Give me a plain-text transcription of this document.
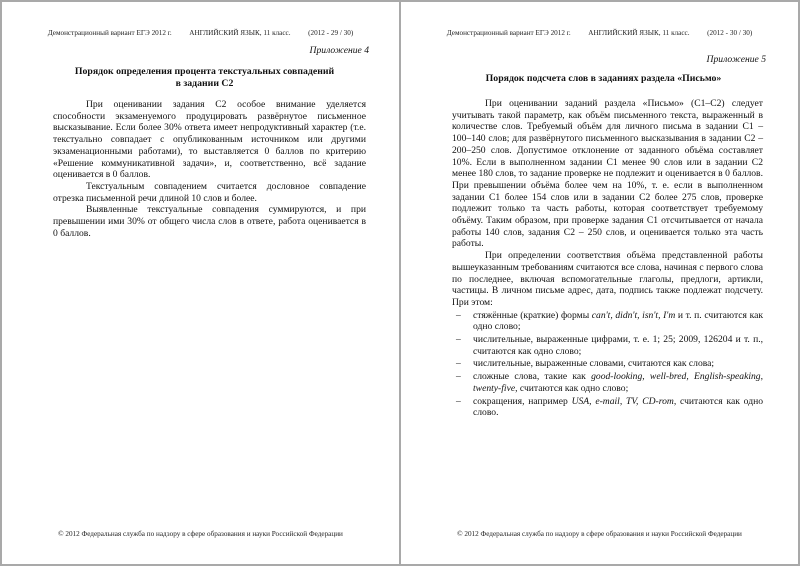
Демонстрационный вариант ЕГЭ 2012 г. АНГЛИЙСКИЙ ЯЗЫК, 11 класс. (2012 - 29 / 30)
Приложение 4
Порядок определения процента текстуальных совпадений
в задании С2

При оценивании задания С2 особое внимание уделяется способности экзаменуемого продуцировать развёрнутое письменное высказывание. Если более 30% ответа имеет непродуктивный характер (т.е. текстуально совпадает с опубликованным источником или другими экзаменационными работами), то выставляется 0 баллов по критерию «Решение коммуникативной задачи», и, соответственно, всё задание оценивается в 0 баллов.

Текстуальным совпадением считается дословное совпадение отрезка письменной речи длиной 10 слов и более.

Выявленные текстуальные совпадения суммируются, и при превышении ими 30% от общего числа слов в ответе, работа оценивается в 0 баллов.

© 2012 Федеральная служба по надзору в сфере образования и науки Российской Федерации
Демонстрационный вариант ЕГЭ 2012 г. АНГЛИЙСКИЙ ЯЗЫК, 11 класс. (2012 - 30 / 30)
Приложение 5
Порядок подсчета слов в заданиях раздела «Письмо»

При оценивании заданий раздела «Письмо» (С1–С2) следует учитывать такой параметр, как объём письменного текста, выраженный в количестве слов. Требуемый объём для личного письма в задании С1 – 100–140 слов; для развёрнутого письменного высказывания в задании С2 – 200–250 слов. Допустимое отклонение от заданного объёма составляет 10%. Если в выполненном задании С1 менее 90 слов или в задании С2 менее 180 слов, то задание проверке не подлежит и оценивается в 0 баллов. При превышении объёма более чем на 10%, т. е. если в выполненном задании С1 более 154 слов или в задании С2 более 275 слов, проверке подлежит только та часть работы, которая соответствует требуемому объёму. Таким образом, при проверке задания С1 отсчитывается от начала работы 140 слов, задания С2 – 250 слов, и оценивается только эта часть работы.

При определении соответствия объёма представленной работы вышеуказанным требованиям считаются все слова, начиная с первого слова по последнее, включая вспомогательные глаголы, предлоги, артикли, частицы. В личном письме адрес, дата, подпись также подлежат подсчету. При этом:

– стяжённые (краткие) формы can't, didn't, isn't, I'm и т. п. считаются как одно слово;
– числительные, выраженные цифрами, т. е. 1; 25; 2009, 126204 и т. п., считаются как одно слово;
– числительные, выраженные словами, считаются как слова;
– сложные слова, такие как good-looking, well-bred, English-speaking, twenty-five, считаются как одно слово;
– сокращения, например USA, e-mail, TV, CD-rom, считаются как одно слово.
© 2012 Федеральная служба по надзору в сфере образования и науки Российской Федерации
